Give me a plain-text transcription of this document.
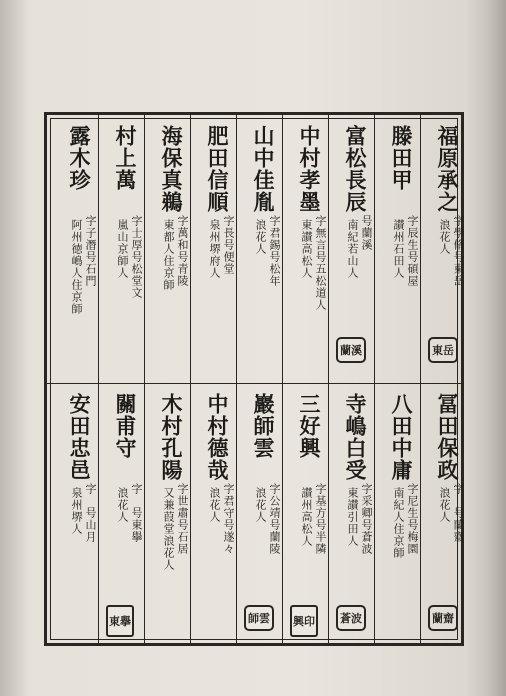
福原承之
字學脩号東岳
浪花人
東岳
滕田甲
字辰生号碩屋
讃州石田人
富松長辰
号蘭溪
南紀若山人
蘭溪
中村孝墨
字無言号五松道人
東讃高松人
山中佳胤
字君錫号松年
浪花人
肥田信順
字長号便堂
泉州堺府人
海保真鵜
字萬和号青陵
東都人住京師
村上萬
字士厚号松堂文
嵐山京師人
露木珍
字子潛号石門
阿州徳嶋人住京師
冨田保政
字　号蘭齋
浪花人
蘭齋
八田中庸
字尼生号梅園
南紀人住京師
寺嶋白受
字采卿号蒼波
東讃引田人
蒼波
三好興
字基方号半隣
讃州高松人
興印
巖師雲
字公靖号蘭陵
浪花人
師雲
中村德哉
字君守号遂々
浪花人
木村孔陽
字世肅号石居
又兼葭堂浪花人
關甫守
字　号東擧
浪花人
東擧
安田忠邑
字　号山月
泉州堺人
